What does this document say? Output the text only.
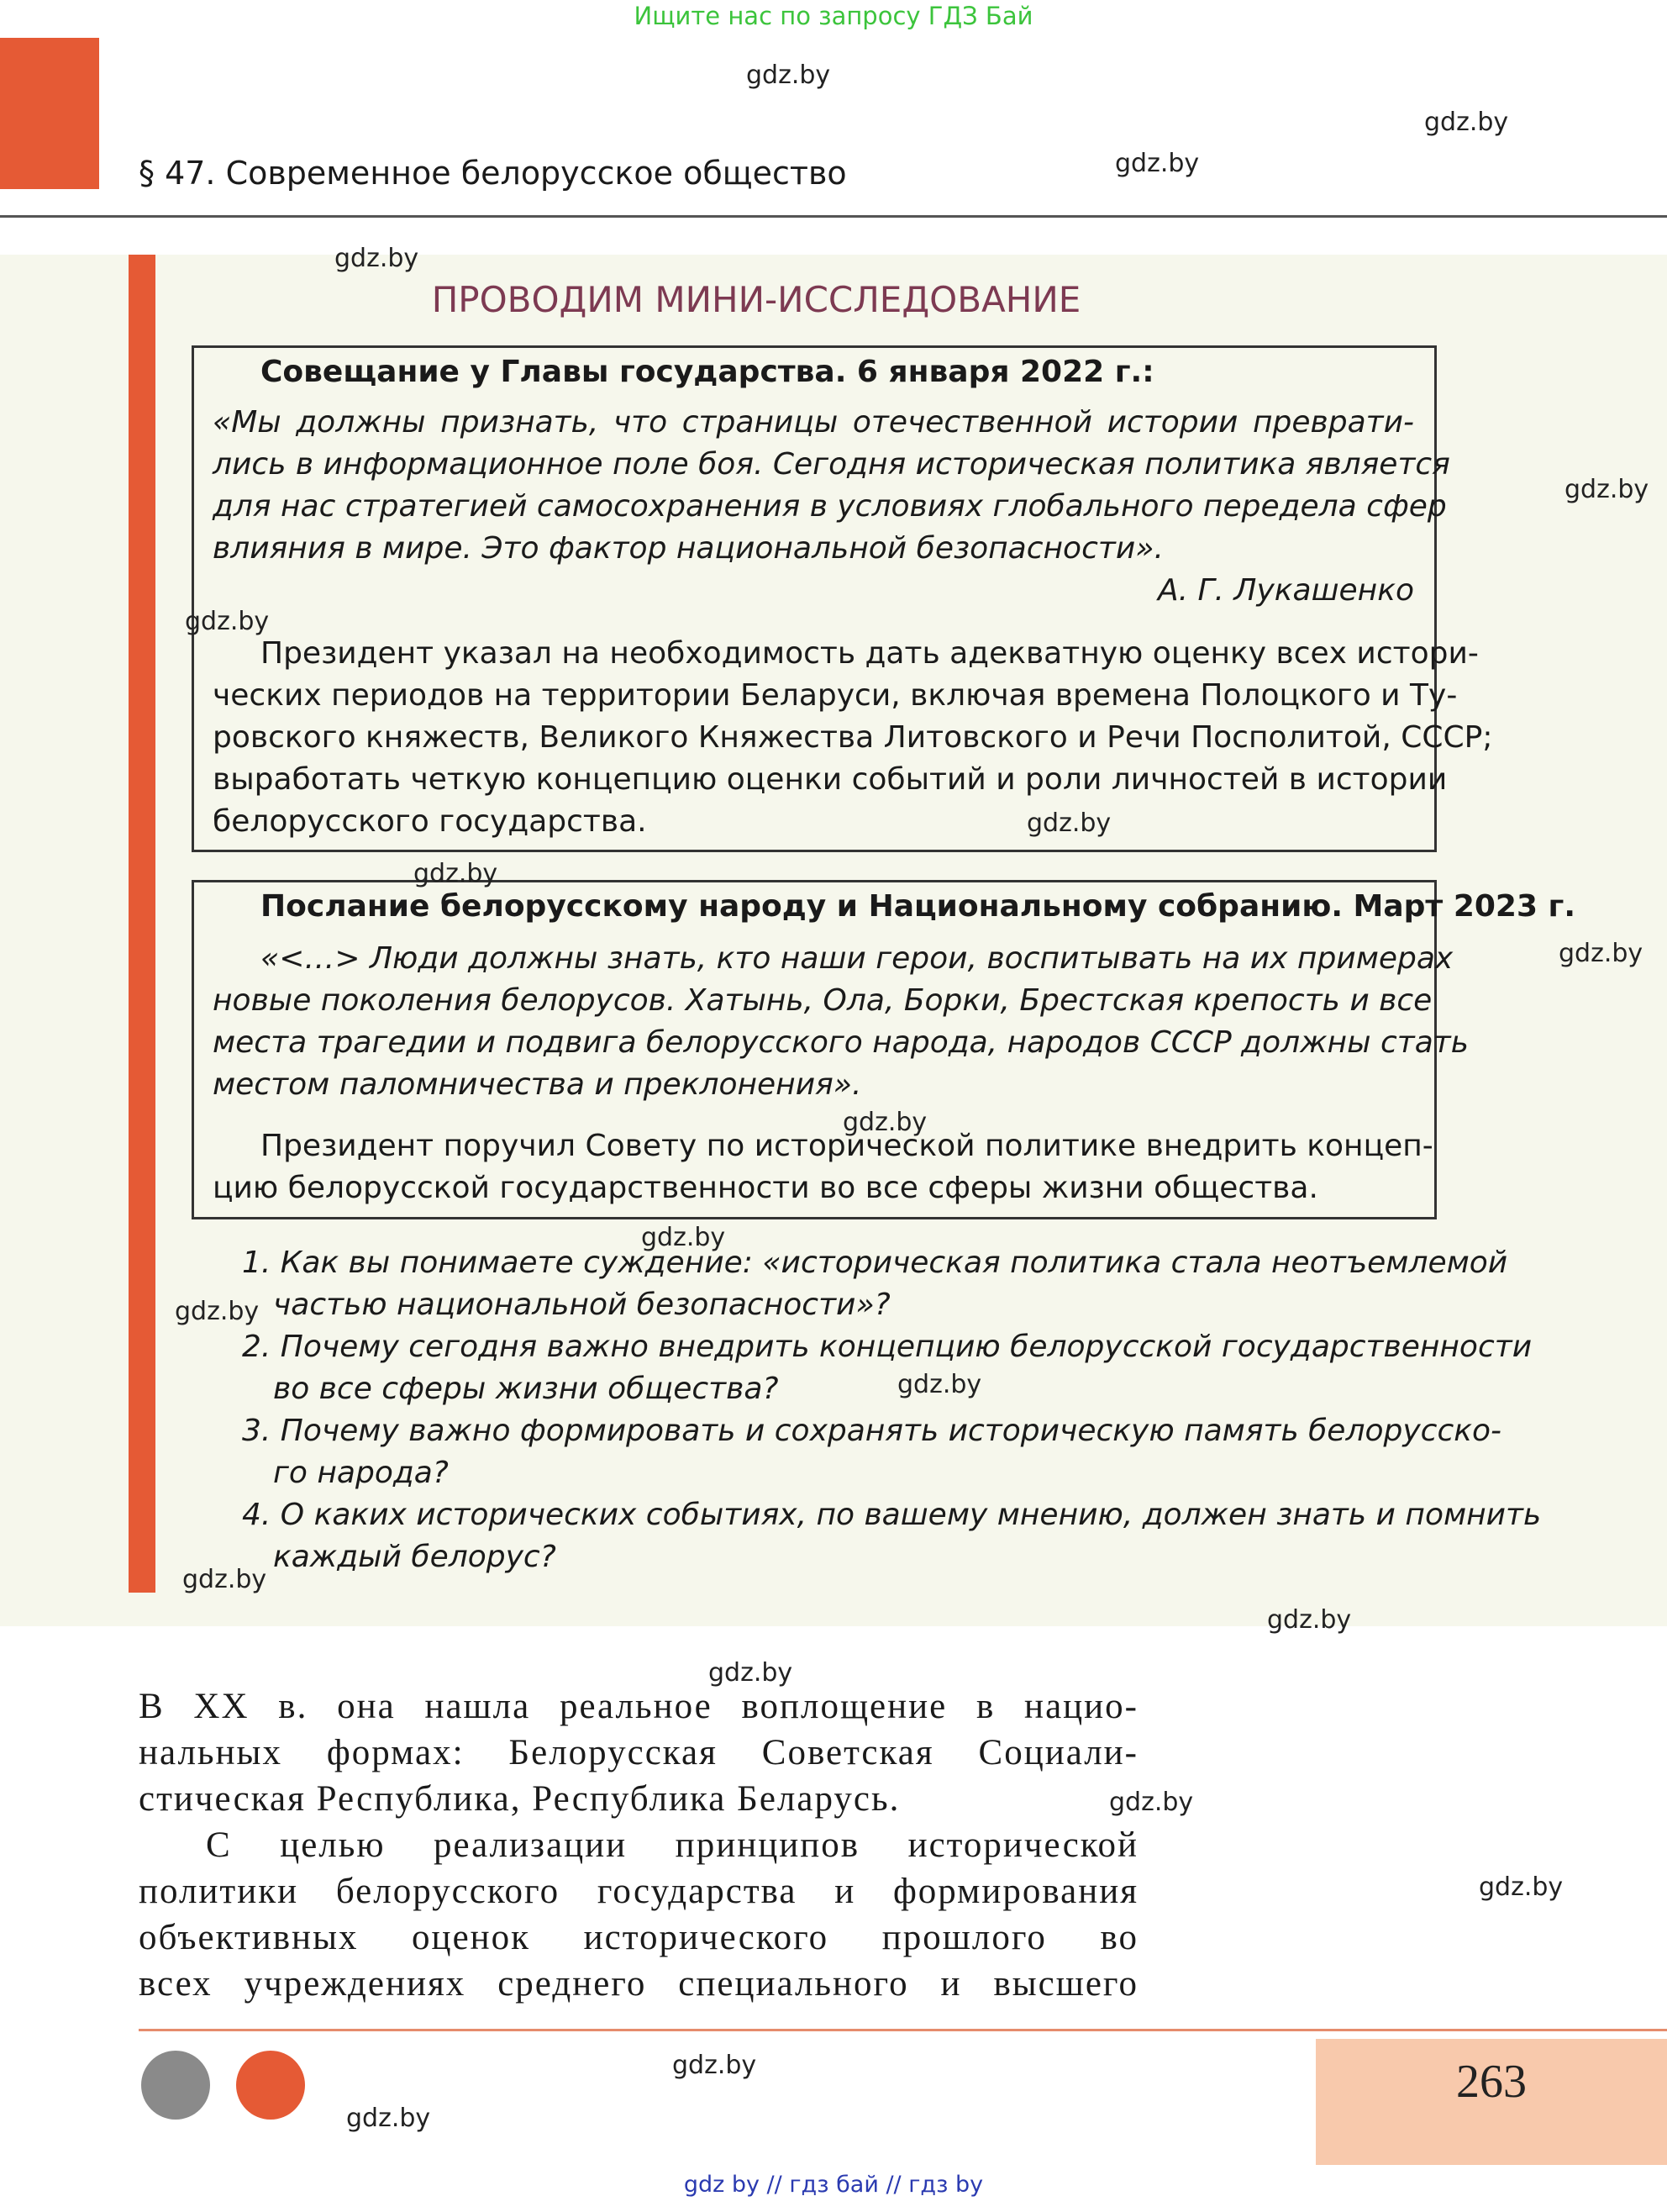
Ищите нас по запросу ГДЗ Бай
§ 47. Современное белорусское общество
ПРОВОДИМ МИНИ-ИССЛЕДОВАНИЕ
Совещание у Главы государства. 6 января 2022 г.:
«Мы должны признать, что страницы отечественной истории преврати-
лись в информационное поле боя. Сегодня историческая политика является
для нас стратегией самосохранения в условиях глобального передела сфер
влияния в мире. Это фактор национальной безопасности».
А. Г. Лукашенко
Президент указал на необходимость дать адекватную оценку всех истори-
ческих периодов на территории Беларуси, включая времена Полоцкого и Ту-
ровского княжеств, Великого Княжества Литовского и Речи Посполитой, СССР;
выработать четкую концепцию оценки событий и роли личностей в истории
белорусского государства.
Послание белорусскому народу и Национальному собранию. Март 2023 г.
«<…> Люди должны знать, кто наши герои, воспитывать на их примерах
новые поколения белорусов. Хатынь, Ола, Борки, Брестская крепость и все
места трагедии и подвига белорусского народа, народов СССР должны стать
местом паломничества и преклонения».
Президент поручил Совету по исторической политике внедрить концеп-
цию белорусской государственности во все сферы жизни общества.
1. Как вы понимаете суждение: «историческая политика стала неотъемлемой
частью национальной безопасности»?
2. Почему сегодня важно внедрить концепцию белорусской государственности
во все сферы жизни общества?
3. Почему важно формировать и сохранять историческую память белорусско-
го народа?
4. О каких исторических событиях, по вашему мнению, должен знать и помнить
каждый белорус?
В XX в. она нашла реальное воплощение в нацио-
нальных формах: Белорусская Советская Социали-
стическая Республика, Республика Беларусь.
С целью реализации принципов исторической
политики белорусского государства и формирования
объективных оценок исторического прошлого во
всех учреждениях среднего специального и высшего
263
gdz by // гдз бай // гдз by
gdz.by
gdz.by
gdz.by
gdz.by
gdz.by
gdz.by
gdz.by
gdz.by
gdz.by
gdz.by
gdz.by
gdz.by
gdz.by
gdz.by
gdz.by
gdz.by
gdz.by
gdz.by
gdz.by
gdz.by
